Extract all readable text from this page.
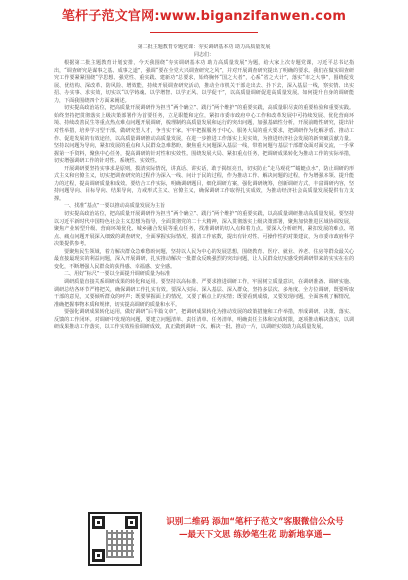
笔杆子范文官网:www.biganzifanwen.com
第二批主题教育专题党课：夯实调研基本功 助力高质量发展
同志们：

根据第二批主题教育计划安排，今天我围绕“夯实调研基本功 助力高质量发展”为题，给大家上次专题党课，习近平总书记指出，“调查研究是谋事之基、成事之道”，强调“要在全党大兴调查研究之风”，并对开展调查研究提出了明确的要求。我们在做实调查研究工作要紧紧围绕“学思想、强党性、重实践、建新功”总要求，始终胸怀“国之大者”，心系“省之大计”，落实“市之大事”，围绕促发展、优结构、深改革、防风险、增效能，持续开展调查研究活动，推动全市机关干部走出去、扑下去，深入基层一线，察实情、出实招、办实事、求实效，切实以“以学铸魂、以学增智、以学正风、以学促干”，以高质量调研促进高质量发展。如何提升自身的调研能力，下面我围绕四个方面来阐述。

切实提高政治站位，把高质量开展调研作为担当“两个确立”、践行“两个维护”的重要实践，高质量职尽责的重要检验和重要实践。始终坚持把贯彻落实上级决策部署作为首要任务，立足职能和定位，紧扣市委市政府中心工作和改革发展中可持续发展、优化营商环境、持续改善民生等重点热点难点问题开展调研，梳理制约高质量发展和运行的突出问题，加强基础性分析，开展前瞻性研究，提出针对性举措，培养学习型干部，做研究型人才，争当实干家。牢牢把握服务于中心、服务大局的重大要求，把调研作为化解矛盾、推动工作、促进发展的有效途径，以高质量调研推动高质量发展，在进一步推进工作落实上见实效，为推进经济社会发展的新突破贡献力量。坚持以问题为导向，紧扣发展的重点和人民群众急难愁盼，聚焦重大问题深入基层一线，带着问题与基层干部群众面对面交流，一手掌握第一手资料，聚焦中心任务，提高调研的针对性和实效性。围绕发展大局、紧扣重点任务，把调研成果转化为推动工作的实际举措，切实增强调研工作的针对性、系统性、实效性。

开展调研要坚持实事求是原则，摸清实际情况，讲真话、讲实话，敢于揭短亮丑，切实防止“走马观花”“蜻蜓点水”，防止调研的形式主义和官僚主义，切实把调查研究的过程作为深入一线、问计于民的过程，作为推动工作、解决问题的过程，作为增强本领、提升能力的过程，提高调研质量和成效。要结合工作实际，明确调研题目，细化调研方案，强化调研统筹，创新调研方式，丰富调研内容，坚持问题导向、目标导向、结果导向，力戒形式主义、官僚主义，确保调研工作取得扎实成效，为推动经济社会高质量发展提供有力支撑。

一、找准“基点”一要以推动高质量发展为主旨

切实提高政治站位，把高质量开展调研作为担当“两个确立”、践行“两个维护”的重要实践，以高质量调研推动高质量发展。要坚持以习近平新时代中国特色社会主义思想为指导，全面贯彻党的二十大精神，深入贯彻落实上级决策部署，聚焦加快推进区域协调发展，聚焦产业转型升级、营商环境优化、城乡融合发展等重点任务，找准调研的切入点和着力点。要深入分析研判，紧扣发展的难点、堵点、痛点问题开展深入细致的调查研究，全面掌握实际情况，摸清工作底数，提出有针对性、可操作性的对策建议，为市委市政府科学决策提供参考。

要聚焦民生领域，着力解决群众急难愁盼问题，坚持以人民为中心的发展思想，围绕教育、医疗、就业、养老、住房等群众最关心最直接最现实的利益问题，深入开展调研，扎实推动解决一批群众反映强烈的突出问题，让人民群众切实感受到调研带来的实实在在的变化，不断增强人民群众的获得感、幸福感、安全感。

二、用好“标尺”一要以全面提升调研质量为标准

调研质量直接关系调研成果的转化和运用。要坚持以高标准、严要求推进调研工作，牢固树立质量意识，在调研准备、调研实施、调研总结各环节严格把关，确保调研工作扎实有效。要深入实际、深入基层、深入群众，坚持多层次、多角度、全方位调研，既要听取干部的意见，又要倾听群众的呼声；既要掌握面上的情况，又要了解点上的实情；既要看到成绩，又要发现问题，全面客观了解情况，准确把握事物本质和规律，切实提高调研的质量和水平。

要强化调研成果转化运用，做好调研“后半篇文章”，把调研成果转化为推动发展的政策措施和工作举措，形成调研、决策、落实、反馈的工作闭环。对调研中发现的问题，要建立问题清单、责任清单、任务清单，明确责任主体和完成时限，逐项推动解决落实，以调研成果推动工作落实，以工作实效检验调研成效，真正做到调研一次、解决一批、推动一片，以调研实效助力高质量发展。

识别二维码 添加“笔杆子范文”客服微信公众号
—最天下文思 练妙笔生花 助新地享通—
